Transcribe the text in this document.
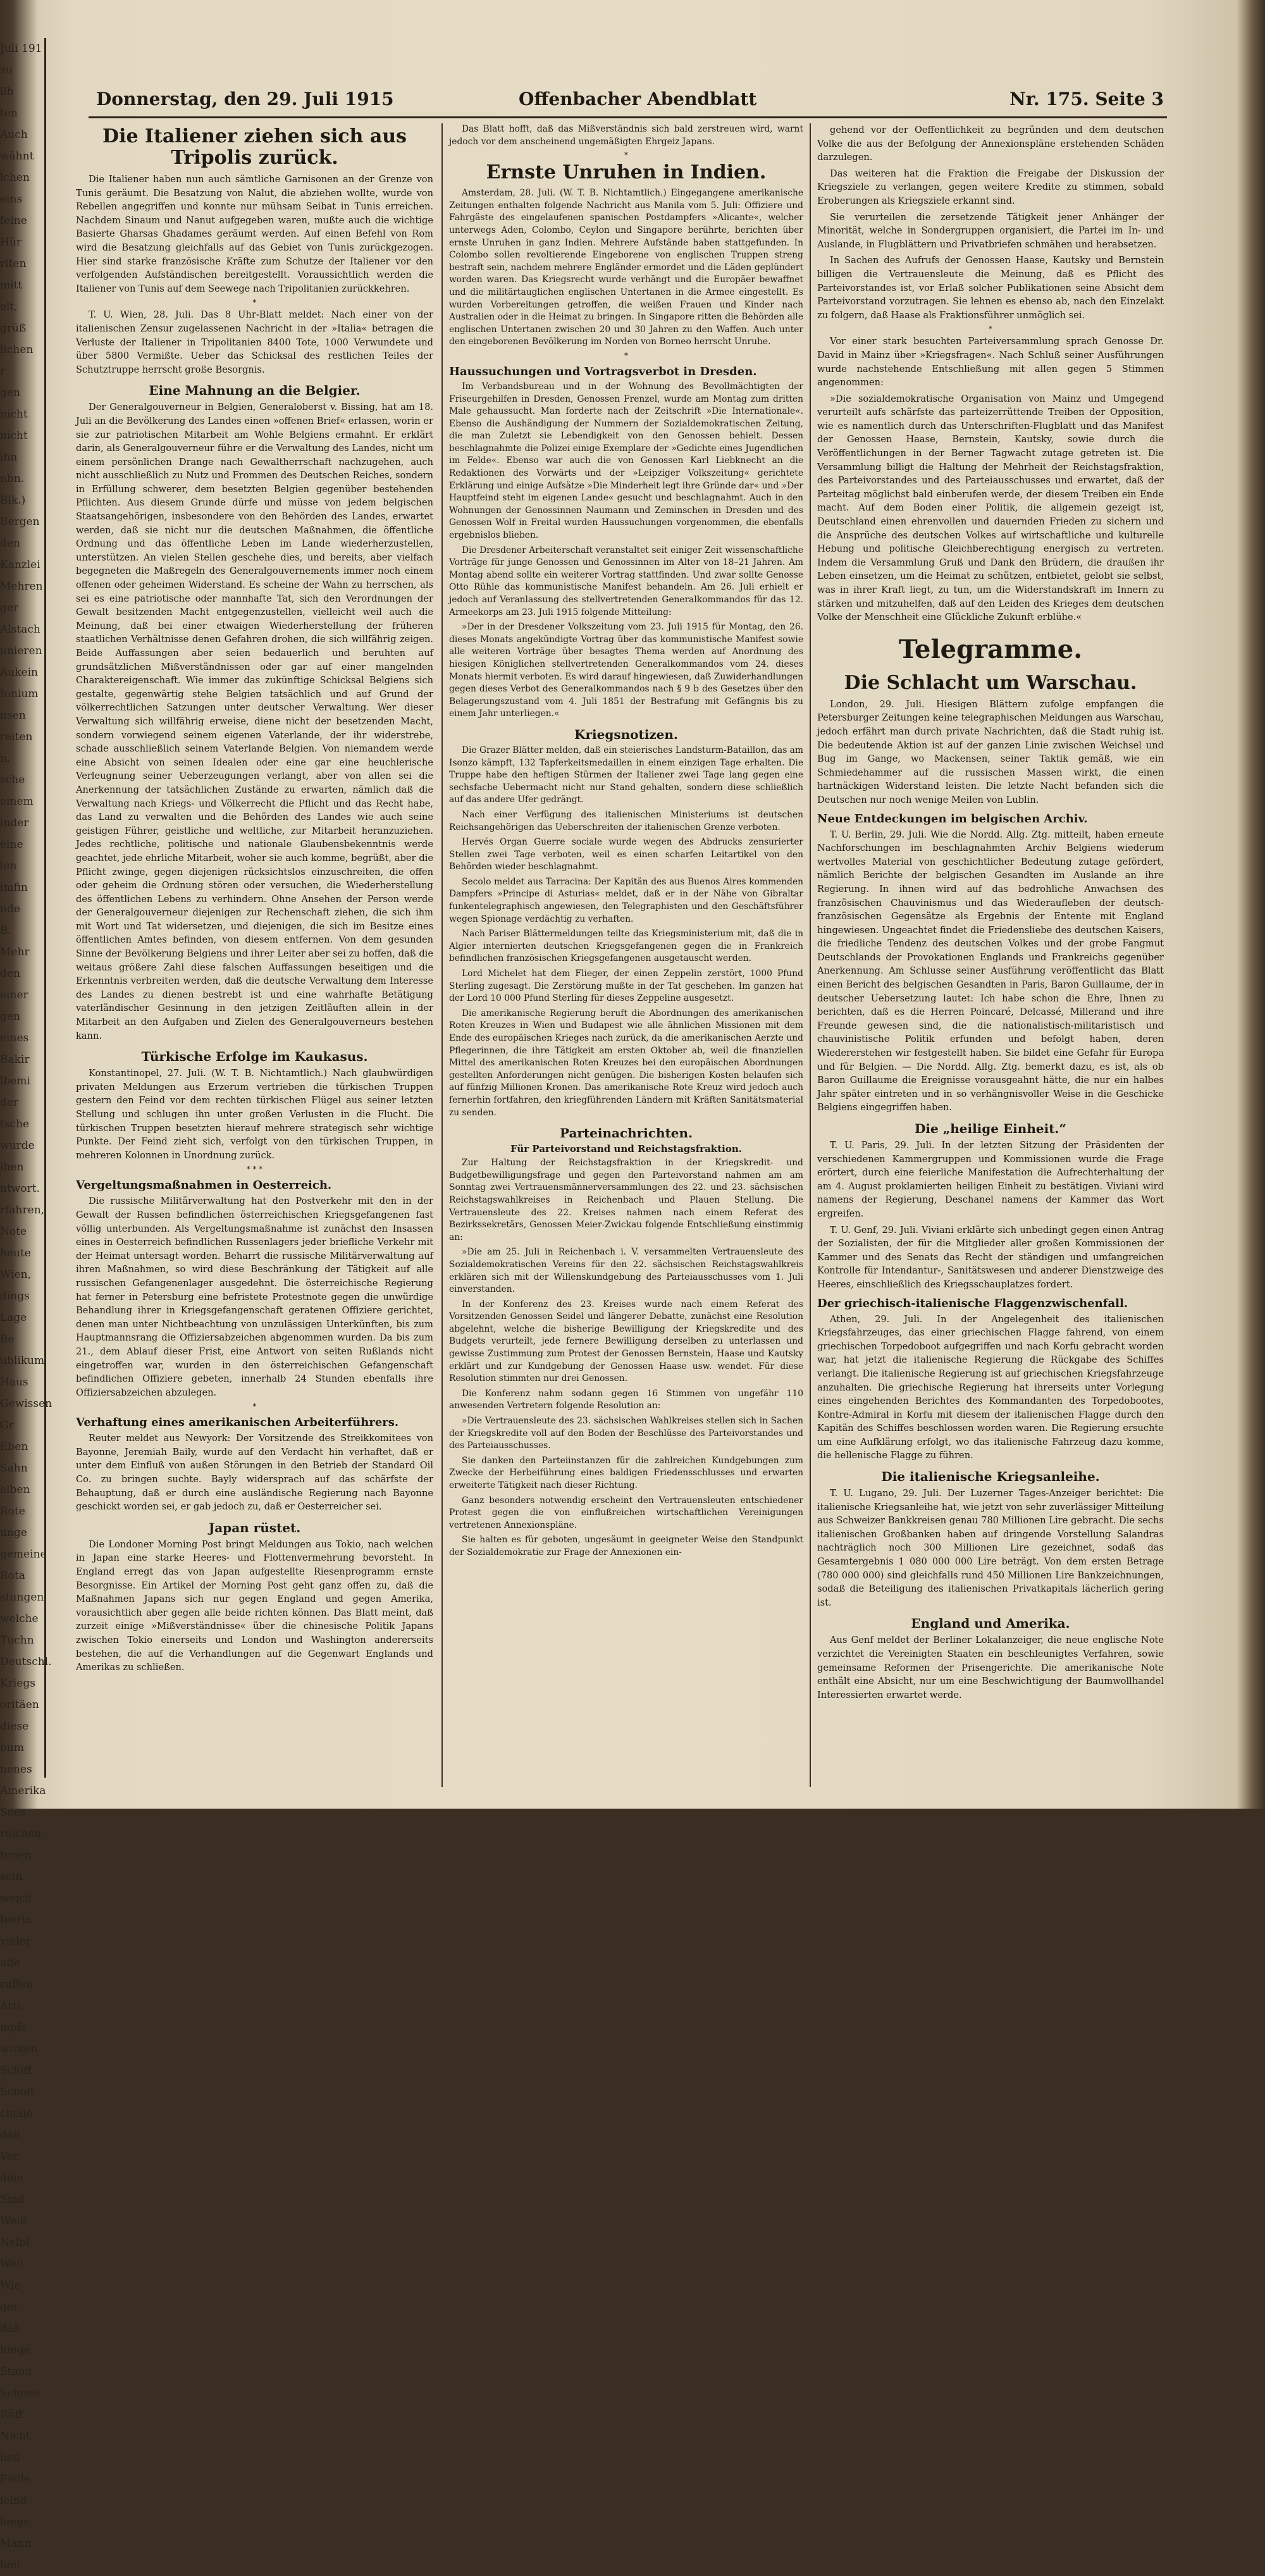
Juli 191
zu
ilb
ten
Auch
wähnt
lchen
eins
feine
Hür
rlten
mitt
elt,
grüß
lichen
r
gen
nicht
nicht
ihn
nbn.
Blk.)
Bergen
den
Kanzlei
Mehren
ger
Alstach
unieren
Aukein
Ionium
nsen
reiten
n,
sche
einem
inder
eine
len
imfin
nde
B.
Mehr
den
einer
gen
eines
Bakir
lbemi
der
tsche
wurde
ihen
ntwort.
rfahren,
Note
heute
Wien,
dings
Lage
Be
ublikum
Haus
Gewissen
Gr
Eben
Sahn
elben
Rote
unge
gemeine
Rota
stungen
welche
Tuchn
Deutschl.
Kriegs
oritäen
diese
bum
nenes
Amerika
Sees
reichen.
tonen
sein,
weich
feerin
vieler
affe
ruffen
Arti
mpfe
wirken
Schiff
Scholt
chelie
daß
Ver
dein
Sind
Weiß
Nelbl
Welt
Wie
ger
daß
hinge
Stand
Schnee
Rüff
Nicht
lied
Fielle
ieind
lenge
Mann
beil
Donnerstag, den 29. Juli 1915	Offenbacher Abendblatt	Nr. 175. Seite 3
Die Italiener ziehen sich aus Tripolis zurück.

Die Italiener haben nun auch sämtliche Garnisonen an der Grenze von Tunis geräumt. Die Besatzung von Nalut, die abziehen wollte, wurde von Rebellen angegriffen und konnte nur mühsam Seibat in Tunis erreichen. Nachdem Sinaum und Nanut aufgegeben waren, mußte auch die wichtige Basierte Gharsas Ghadames geräumt werden. Auf einen Befehl von Rom wird die Besatzung gleichfalls auf das Gebiet von Tunis zurückgezogen. Hier sind starke französische Kräfte zum Schutze der Italiener vor den verfolgenden Aufständischen bereitgestellt. Voraussichtlich werden die Italiener von Tunis auf dem Seewege nach Tripolitanien zurückkehren.

*

T. U. Wien, 28. Juli. Das 8 Uhr-Blatt meldet: Nach einer von der italienischen Zensur zugelassenen Nachricht in der »Italia« betragen die Verluste der Italiener in Tripolitanien 8400 Tote, 1000 Verwundete und über 5800 Vermißte. Ueber das Schicksal des restlichen Teiles der Schutztruppe herrscht große Besorgnis.

Eine Mahnung an die Belgier.

Der Generalgouverneur in Belgien, Generaloberst v. Bissing, hat am 18. Juli an die Bevölkerung des Landes einen »offenen Brief« erlassen, worin er sie zur patriotischen Mitarbeit am Wohle Belgiens ermahnt. Er erklärt darin, als Generalgouverneur führe er die Verwaltung des Landes, nicht um einem persönlichen Drange nach Gewaltherrschaft nachzugehen, auch nicht ausschließlich zu Nutz und Frommen des Deutschen Reiches, sondern in Erfüllung schwerer, dem besetzten Belgien gegenüber bestehenden Pflichten. Aus diesem Grunde dürfe und müsse von jedem belgischen Staatsangehörigen, insbesondere von den Behörden des Landes, erwartet werden, daß sie nicht nur die deutschen Maßnahmen, die öffentliche Ordnung und das öffentliche Leben im Lande wiederherzustellen, unterstützen. An vielen Stellen geschehe dies, und bereits, aber vielfach begegneten die Maßregeln des Generalgouvernements immer noch einem offenen oder geheimen Widerstand. Es scheine der Wahn zu herrschen, als sei es eine patriotische oder mannhafte Tat, sich den Verordnungen der Gewalt besitzenden Macht entgegenzustellen, vielleicht weil auch die Meinung, daß bei einer etwaigen Wiederherstellung der früheren staatlichen Verhältnisse denen Gefahren drohen, die sich willfährig zeigen. Beide Auffassungen aber seien bedauerlich und beruhten auf grundsätzlichen Mißverständnissen oder gar auf einer mangelnden Charaktereigenschaft. Wie immer das zukünftige Schicksal Belgiens sich gestalte, gegenwärtig stehe Belgien tatsächlich und auf Grund der völkerrechtlichen Satzungen unter deutscher Verwaltung. Wer dieser Verwaltung sich willfährig erweise, diene nicht der besetzenden Macht, sondern vorwiegend seinem eigenen Vaterlande, der ihr widerstrebe, schade ausschließlich seinem Vaterlande Belgien. Von niemandem werde eine Absicht von seinen Idealen oder eine gar eine heuchlerische Verleugnung seiner Ueberzeugungen verlangt, aber von allen sei die Anerkennung der tatsächlichen Zustände zu erwarten, nämlich daß die Verwaltung nach Kriegs- und Völkerrecht die Pflicht und das Recht habe, das Land zu verwalten und die Behörden des Landes wie auch seine geistigen Führer, geistliche und weltliche, zur Mitarbeit heranzuziehen. Jedes rechtliche, politische und nationale Glaubensbekenntnis werde geachtet, jede ehrliche Mitarbeit, woher sie auch komme, begrüßt, aber die Pflicht zwinge, gegen diejenigen rücksichtslos einzuschreiten, die offen oder geheim die Ordnung stören oder versuchen, die Wiederherstellung des öffentlichen Lebens zu verhindern. Ohne Ansehen der Person werde der Generalgouverneur diejenigen zur Rechenschaft ziehen, die sich ihm mit Wort und Tat widersetzen, und diejenigen, die sich im Besitze eines öffentlichen Amtes befinden, von diesem entfernen. Von dem gesunden Sinne der Bevölkerung Belgiens und ihrer Leiter aber sei zu hoffen, daß die weitaus größere Zahl diese falschen Auffassungen beseitigen und die Erkenntnis verbreiten werden, daß die deutsche Verwaltung dem Interesse des Landes zu dienen bestrebt ist und eine wahrhafte Betätigung vaterländischer Gesinnung in den jetzigen Zeitläuften allein in der Mitarbeit an den Aufgaben und Zielen des Generalgouverneurs bestehen kann.

Türkische Erfolge im Kaukasus.

Konstantinopel, 27. Juli. (W. T. B. Nichtamtlich.) Nach glaubwürdigen privaten Meldungen aus Erzerum vertrieben die türkischen Truppen gestern den Feind vor dem rechten türkischen Flügel aus seiner letzten Stellung und schlugen ihn unter großen Verlusten in die Flucht. Die türkischen Truppen besetzten hierauf mehrere strategisch sehr wichtige Punkte. Der Feind zieht sich, verfolgt von den türkischen Truppen, in mehreren Kolonnen in Unordnung zurück.

* * *
Vergeltungsmaßnahmen in Oesterreich.

Die russische Militärverwaltung hat den Postverkehr mit den in der Gewalt der Russen befindlichen österreichischen Kriegsgefangenen fast völlig unterbunden. Als Vergeltungsmaßnahme ist zunächst den Insassen eines in Oesterreich befindlichen Russenlagers jeder briefliche Verkehr mit der Heimat untersagt worden. Beharrt die russische Militärverwaltung auf ihren Maßnahmen, so wird diese Beschränkung der Tätigkeit auf alle russischen Gefangenenlager ausgedehnt. Die österreichische Regierung hat ferner in Petersburg eine befristete Protestnote gegen die unwürdige Behandlung ihrer in Kriegsgefangenschaft geratenen Offiziere gerichtet, denen man unter Nichtbeachtung von unzulässigen Unterkünften, bis zum Hauptmannsrang die Offiziersabzeichen abgenommen wurden. Da bis zum 21., dem Ablauf dieser Frist, eine Antwort von seiten Rußlands nicht eingetroffen war, wurden in den österreichischen Gefangenschaft befindlichen Offiziere gebeten, innerhalb 24 Stunden ebenfalls ihre Offiziersabzeichen abzulegen.

*
Verhaftung eines amerikanischen Arbeiterführers.

Reuter meldet aus Newyork: Der Vorsitzende des Streikkomitees von Bayonne, Jeremiah Baily, wurde auf den Verdacht hin verhaftet, daß er unter dem Einfluß von außen Störungen in den Betrieb der Standard Oil Co. zu bringen suchte. Bayly widersprach auf das schärfste der Behauptung, daß er durch eine ausländische Regierung nach Bayonne geschickt worden sei, er gab jedoch zu, daß er Oesterreicher sei.

Japan rüstet.

Die Londoner Morning Post bringt Meldungen aus Tokio, nach welchen in Japan eine starke Heeres- und Flottenvermehrung bevorsteht. In England erregt das von Japan aufgestellte Riesenprogramm ernste Besorgnisse. Ein Artikel der Morning Post geht ganz offen zu, daß die Maßnahmen Japans sich nur gegen England und gegen Amerika, vorausichtlich aber gegen alle beide richten können. Das Blatt meint, daß zurzeit einige »Mißverständnisse« über die chinesische Politik Japans zwischen Tokio einerseits und London und Washington andererseits bestehen, die auf die Verhandlungen auf die Gegenwart Englands und Amerikas zu schließen.

Das Blatt hofft, daß das Mißverständnis sich bald zerstreuen wird, warnt jedoch vor dem anscheinend ungemäßigten Ehrgeiz Japans.

*
Ernste Unruhen in Indien.

Amsterdam, 28. Juli. (W. T. B. Nichtamtlich.) Eingegangene amerikanische Zeitungen enthalten folgende Nachricht aus Manila vom 5. Juli: Offiziere und Fahrgäste des eingelaufenen spanischen Postdampfers »Alicante«, welcher unterwegs Aden, Colombo, Ceylon und Singapore berührte, berichten über ernste Unruhen in ganz Indien. Mehrere Aufstände haben stattgefunden. In Colombo sollen revoltierende Eingeborene von englischen Truppen streng bestraft sein, nachdem mehrere Engländer ermordet und die Läden geplündert worden waren. Das Kriegsrecht wurde verhängt und die Europäer bewaffnet und die militärtauglichen englischen Untertanen in die Armee eingestellt. Es wurden Vorbereitungen getroffen, die weißen Frauen und Kinder nach Australien oder in die Heimat zu bringen. In Singapore ritten die Behörden alle englischen Untertanen zwischen 20 und 30 Jahren zu den Waffen. Auch unter den eingeborenen Bevölkerung im Norden von Borneo herrscht Unruhe.

*
Haussuchungen und Vortragsverbot in Dresden.

Im Verbandsbureau und in der Wohnung des Bevollmächtigten der Friseurgehilfen in Dresden, Genossen Frenzel, wurde am Montag zum dritten Male gehaussucht. Man forderte nach der Zeitschrift »Die Internationale«. Ebenso die Aushändigung der Nummern der Sozialdemokratischen Zeitung, die man Zuletzt sie Lebendigkeit von den Genossen behielt. Dessen beschlagnahmte die Polizei einige Exemplare der »Gedichte eines Jugendlichen im Felde«. Ebenso war auch die von Genossen Karl Liebknecht an die Redaktionen des Vorwärts und der »Leipziger Volkszeitung« gerichtete Erklärung und einige Aufsätze »Die Minderheit legt ihre Gründe dar« und »Der Hauptfeind steht im eigenen Lande« gesucht und beschlagnahmt. Auch in den Wohnungen der Genossinnen Naumann und Zeminschen in Dresden und des Genossen Wolf in Freital wurden Haussuchungen vorgenommen, die ebenfalls ergebnislos blieben.

Die Dresdener Arbeiterschaft veranstaltet seit einiger Zeit wissenschaftliche Vorträge für junge Genossen und Genossinnen im Alter von 18–21 Jahren. Am Montag abend sollte ein weiterer Vortrag stattfinden. Und zwar sollte Genosse Otto Rühle das kommunistische Manifest behandeln. Am 26. Juli erhielt er jedoch auf Veranlassung des stellvertretenden Generalkommandos für das 12. Armeekorps am 23. Juli 1915 folgende Mitteilung:

»Der in der Dresdener Volkszeitung vom 23. Juli 1915 für Montag, den 26. dieses Monats angekündigte Vortrag über das kommunistische Manifest sowie alle weiteren Vorträge über besagtes Thema werden auf Anordnung des hiesigen Königlichen stellvertretenden Generalkommandos vom 24. dieses Monats hiermit verboten. Es wird darauf hingewiesen, daß Zuwiderhandlungen gegen dieses Verbot des Generalkommandos nach § 9 b des Gesetzes über den Belagerungszustand vom 4. Juli 1851 der Bestrafung mit Gefängnis bis zu einem Jahr unterliegen.«

Kriegsnotizen.

Die Grazer Blätter melden, daß ein steierisches Landsturm-Bataillon, das am Isonzo kämpft, 132 Tapferkeitsmedaillen in einem einzigen Tage erhalten. Die Truppe habe den heftigen Stürmen der Italiener zwei Tage lang gegen eine sechsfache Uebermacht nicht nur Stand gehalten, sondern diese schließlich auf das andere Ufer gedrängt.

Nach einer Verfügung des italienischen Ministeriums ist deutschen Reichsangehörigen das Ueberschreiten der italienischen Grenze verboten.

Hervés Organ Guerre sociale wurde wegen des Abdrucks zensurierter Stellen zwei Tage verboten, weil es einen scharfen Leitartikel von den Behörden wieder beschlagnahmt.

Secolo meldet aus Tarracina: Der Kapitän des aus Buenos Aires kommenden Dampfers »Principe di Asturias« meldet, daß er in der Nähe von Gibraltar funkentelegraphisch angewiesen, den Telegraphisten und den Geschäftsführer wegen Spionage verdächtig zu verhaften.

Nach Pariser Blättermeldungen teilte das Kriegsministerium mit, daß die in Algier internierten deutschen Kriegsgefangenen gegen die in Frankreich befindlichen französischen Kriegsgefangenen ausgetauscht werden.

Lord Michelet hat dem Flieger, der einen Zeppelin zerstört, 1000 Pfund Sterling zugesagt. Die Zerstörung mußte in der Tat geschehen. Im ganzen hat der Lord 10 000 Pfund Sterling für dieses Zeppeline ausgesetzt.

Die amerikanische Regierung beruft die Abordnungen des amerikanischen Roten Kreuzes in Wien und Budapest wie alle ähnlichen Missionen mit dem Ende des europäischen Krieges nach zurück, da die amerikanischen Aerzte und Pflegerinnen, die ihre Tätigkeit am ersten Oktober ab, weil die finanziellen Mittel des amerikanischen Roten Kreuzes bei den europäischen Abordnungen gestellten Anforderungen nicht genügen. Die bisherigen Kosten belaufen sich auf fünfzig Millionen Kronen. Das amerikanische Rote Kreuz wird jedoch auch fernerhin fortfahren, den kriegführenden Ländern mit Kräften Sanitätsmaterial zu senden.

Parteinachrichten.
Für Parteivorstand und Reichstagsfraktion.

Zur Haltung der Reichstagsfraktion in der Kriegskredit- und Budgetbewilligungsfrage und gegen den Parteivorstand nahmen am am Sonntag zwei Vertrauensmännerversammlungen des 22. und 23. sächsischen Reichstagswahlkreises in Reichenbach und Plauen Stellung. Die Vertrauensleute des 22. Kreises nahmen nach einem Referat des Bezirkssekretärs, Genossen Meier-Zwickau folgende Entschließung einstimmig an:

»Die am 25. Juli in Reichenbach i. V. versammelten Vertrauensleute des Sozialdemokratischen Vereins für den 22. sächsischen Reichstagswahlkreis erklären sich mit der Willenskundgebung des Parteiausschusses vom 1. Juli einverstanden.

In der Konferenz des 23. Kreises wurde nach einem Referat des Vorsitzenden Genossen Seidel und längerer Debatte, zunächst eine Resolution abgelehnt, welche die bisherige Bewilligung der Kriegskredite und des Budgets verurteilt, jede fernere Bewilligung derselben zu unterlassen und gewisse Zustimmung zum Protest der Genossen Bernstein, Haase und Kautsky erklärt und zur Kundgebung der Genossen Haase usw. wendet. Für diese Resolution stimmten nur drei Genossen.

Die Konferenz nahm sodann gegen 16 Stimmen von ungefähr 110 anwesenden Vertretern folgende Resolution an:

»Die Vertrauensleute des 23. sächsischen Wahlkreises stellen sich in Sachen der Kriegskredite voll auf den Boden der Beschlüsse des Parteivorstandes und des Parteiausschusses.

Sie danken den Parteiinstanzen für die zahlreichen Kundgebungen zum Zwecke der Herbeiführung eines baldigen Friedensschlusses und erwarten erweiterte Tätigkeit nach dieser Richtung.

Ganz besonders notwendig erscheint den Vertrauensleuten entschiedener Protest gegen die von einflußreichen wirtschaftlichen Vereinigungen vertretenen Annexionspläne.

Sie halten es für geboten, ungesäumt in geeigneter Weise den Standpunkt der Sozialdemokratie zur Frage der Annexionen ein-

gehend vor der Oeffentlichkeit zu begründen und dem deutschen Volke die aus der Befolgung der Annexionspläne erstehenden Schäden darzulegen.

Das weiteren hat die Fraktion die Freigabe der Diskussion der Kriegsziele zu verlangen, gegen weitere Kredite zu stimmen, sobald Eroberungen als Kriegsziele erkannt sind.

Sie verurteilen die zersetzende Tätigkeit jener Anhänger der Minorität, welche in Sondergruppen organisiert, die Partei im In- und Auslande, in Flugblättern und Privatbriefen schmähen und herabsetzen.

In Sachen des Aufrufs der Genossen Haase, Kautsky und Bernstein billigen die Vertrauensleute die Meinung, daß es Pflicht des Parteivorstandes ist, vor Erlaß solcher Publikationen seine Absicht dem Parteivorstand vorzutragen. Sie lehnen es ebenso ab, nach den Einzelakt zu folgern, daß Haase als Fraktionsführer unmöglich sei.

*

Vor einer stark besuchten Parteiversammlung sprach Genosse Dr. David in Mainz über »Kriegsfragen«. Nach Schluß seiner Ausführungen wurde nachstehende Entschließung mit allen gegen 5 Stimmen angenommen:

»Die sozialdemokratische Organisation von Mainz und Umgegend verurteilt aufs schärfste das parteizerrüttende Treiben der Opposition, wie es namentlich durch das Unterschriften-Flugblatt und das Manifest der Genossen Haase, Bernstein, Kautsky, sowie durch die Veröffentlichungen in der Berner Tagwacht zutage getreten ist. Die Versammlung billigt die Haltung der Mehrheit der Reichstagsfraktion, des Parteivorstandes und des Parteiausschusses und erwartet, daß der Parteitag möglichst bald einberufen werde, der diesem Treiben ein Ende macht. Auf dem Boden einer Politik, die allgemein gezeigt ist, Deutschland einen ehrenvollen und dauernden Frieden zu sichern und die Ansprüche des deutschen Volkes auf wirtschaftliche und kulturelle Hebung und politische Gleichberechtigung energisch zu vertreten. Indem die Versammlung Gruß und Dank den Brüdern, die draußen ihr Leben einsetzen, um die Heimat zu schützen, entbietet, gelobt sie selbst, was in ihrer Kraft liegt, zu tun, um die Widerstandskraft im Innern zu stärken und mitzuhelfen, daß auf den Leiden des Krieges dem deutschen Volke der Menschheit eine Glückliche Zukunft erblühe.«

Telegramme.
Die Schlacht um Warschau.

London, 29. Juli. Hiesigen Blättern zufolge empfangen die Petersburger Zeitungen keine telegraphischen Meldungen aus Warschau, jedoch erfährt man durch private Nachrichten, daß die Stadt ruhig ist. Die bedeutende Aktion ist auf der ganzen Linie zwischen Weichsel und Bug im Gange, wo Mackensen, seiner Taktik gemäß, wie ein Schmiedehammer auf die russischen Massen wirkt, die einen hartnäckigen Widerstand leisten. Die letzte Nacht befanden sich die Deutschen nur noch wenige Meilen von Lublin.

Neue Entdeckungen im belgischen Archiv.

T. U. Berlin, 29. Juli. Wie die Nordd. Allg. Ztg. mitteilt, haben erneute Nachforschungen im beschlagnahmten Archiv Belgiens wiederum wertvolles Material von geschichtlicher Bedeutung zutage gefördert, nämlich Berichte der belgischen Gesandten im Auslande an ihre Regierung. In ihnen wird auf das bedrohliche Anwachsen des französischen Chauvinismus und das Wiederaufleben der deutsch-französischen Gegensätze als Ergebnis der Entente mit England hingewiesen. Ungeachtet findet die Friedensliebe des deutschen Kaisers, die friedliche Tendenz des deutschen Volkes und der grobe Fangmut Deutschlands der Provokationen Englands und Frankreichs gegenüber Anerkennung. Am Schlusse seiner Ausführung veröffentlicht das Blatt einen Bericht des belgischen Gesandten in Paris, Baron Guillaume, der in deutscher Uebersetzung lautet: Ich habe schon die Ehre, Ihnen zu berichten, daß es die Herren Poincaré, Delcassé, Millerand und ihre Freunde gewesen sind, die die nationalistisch-militaristisch und chauvinistische Politik erfunden und befolgt haben, deren Wiedererstehen wir festgestellt haben. Sie bildet eine Gefahr für Europa und für Belgien. — Die Nordd. Allg. Ztg. bemerkt dazu, es ist, als ob Baron Guillaume die Ereignisse vorausgeahnt hätte, die nur ein halbes Jahr später eintreten und in so verhängnisvoller Weise in die Geschicke Belgiens eingegriffen haben.

Die „heilige Einheit.“

T. U. Paris, 29. Juli. In der letzten Sitzung der Präsidenten der verschiedenen Kammergruppen und Kommissionen wurde die Frage erörtert, durch eine feierliche Manifestation die Aufrechterhaltung der am 4. August proklamierten heiligen Einheit zu bestätigen. Viviani wird namens der Regierung, Deschanel namens der Kammer das Wort ergreifen.

T. U. Genf, 29. Juli. Viviani erklärte sich unbedingt gegen einen Antrag der Sozialisten, der für die Mitglieder aller großen Kommissionen der Kammer und des Senats das Recht der ständigen und umfangreichen Kontrolle für Intendantur-, Sanitätswesen und anderer Dienstzweige des Heeres, einschließlich des Kriegsschauplatzes fordert.

Der griechisch-italienische Flaggenzwischenfall.

Athen, 29. Juli. In der Angelegenheit des italienischen Kriegsfahrzeuges, das einer griechischen Flagge fahrend, von einem griechischen Torpedoboot aufgegriffen und nach Korfu gebracht worden war, hat jetzt die italienische Regierung die Rückgabe des Schiffes verlangt. Die italienische Regierung ist auf griechischen Kriegsfahrzeuge anzuhalten. Die griechische Regierung hat ihrerseits unter Vorlegung eines eingehenden Berichtes des Kommandanten des Torpedobootes, Kontre-Admiral in Korfu mit diesem der italienischen Flagge durch den Kapitän des Schiffes beschlossen worden waren. Die Regierung ersuchte um eine Aufklärung erfolgt, wo das italienische Fahrzeug dazu komme, die hellenische Flagge zu führen.

Die italienische Kriegsanleihe.

T. U. Lugano, 29. Juli. Der Luzerner Tages-Anzeiger berichtet: Die italienische Kriegsanleihe hat, wie jetzt von sehr zuverlässiger Mitteilung aus Schweizer Bankkreisen genau 780 Millionen Lire gebracht. Die sechs italienischen Großbanken haben auf dringende Vorstellung Salandras nachträglich noch 300 Millionen Lire gezeichnet, sodaß das Gesamtergebnis 1 080 000 000 Lire beträgt. Von dem ersten Betrage (780 000 000) sind gleichfalls rund 450 Millionen Lire Bankzeichnungen, sodaß die Beteiligung des italienischen Privatkapitals lächerlich gering ist.

England und Amerika.

Aus Genf meldet der Berliner Lokalanzeiger, die neue englische Note verzichtet die Vereinigten Staaten ein beschleunigtes Verfahren, sowie gemeinsame Reformen der Prisengerichte. Die amerikanische Note enthält eine Absicht, nur um eine Beschwichtigung der Baumwollhandel Interessierten erwartet werde.
